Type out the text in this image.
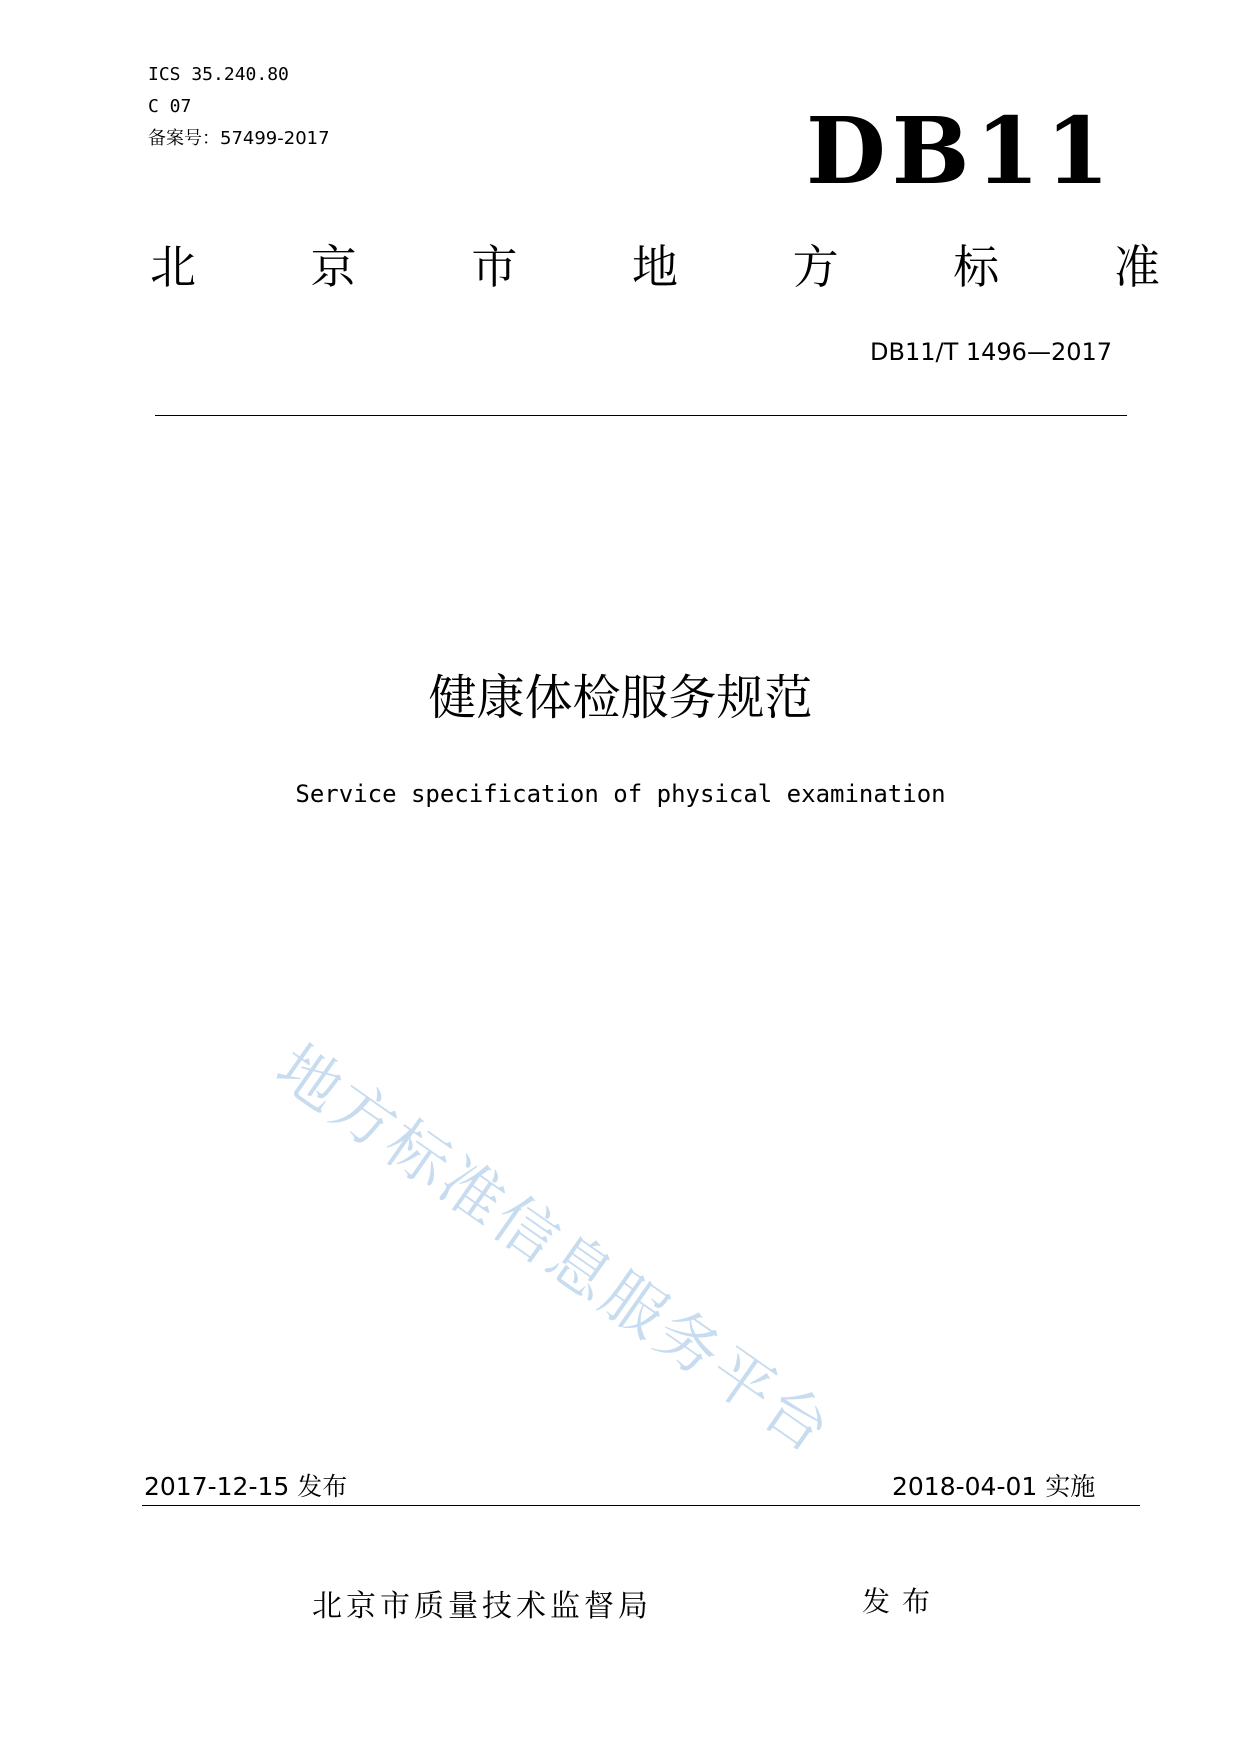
ICS 35.240.80
C 07
备案号：57499-2017	DB11
北 京 市 地 方 标 准
DB11/T 1496—2017
健康体检服务规范
Service specification of physical examination
地方标准信息服务平台
2017-12-15 发布	2018-04-01 实施
北京市质量技术监督局	发布
